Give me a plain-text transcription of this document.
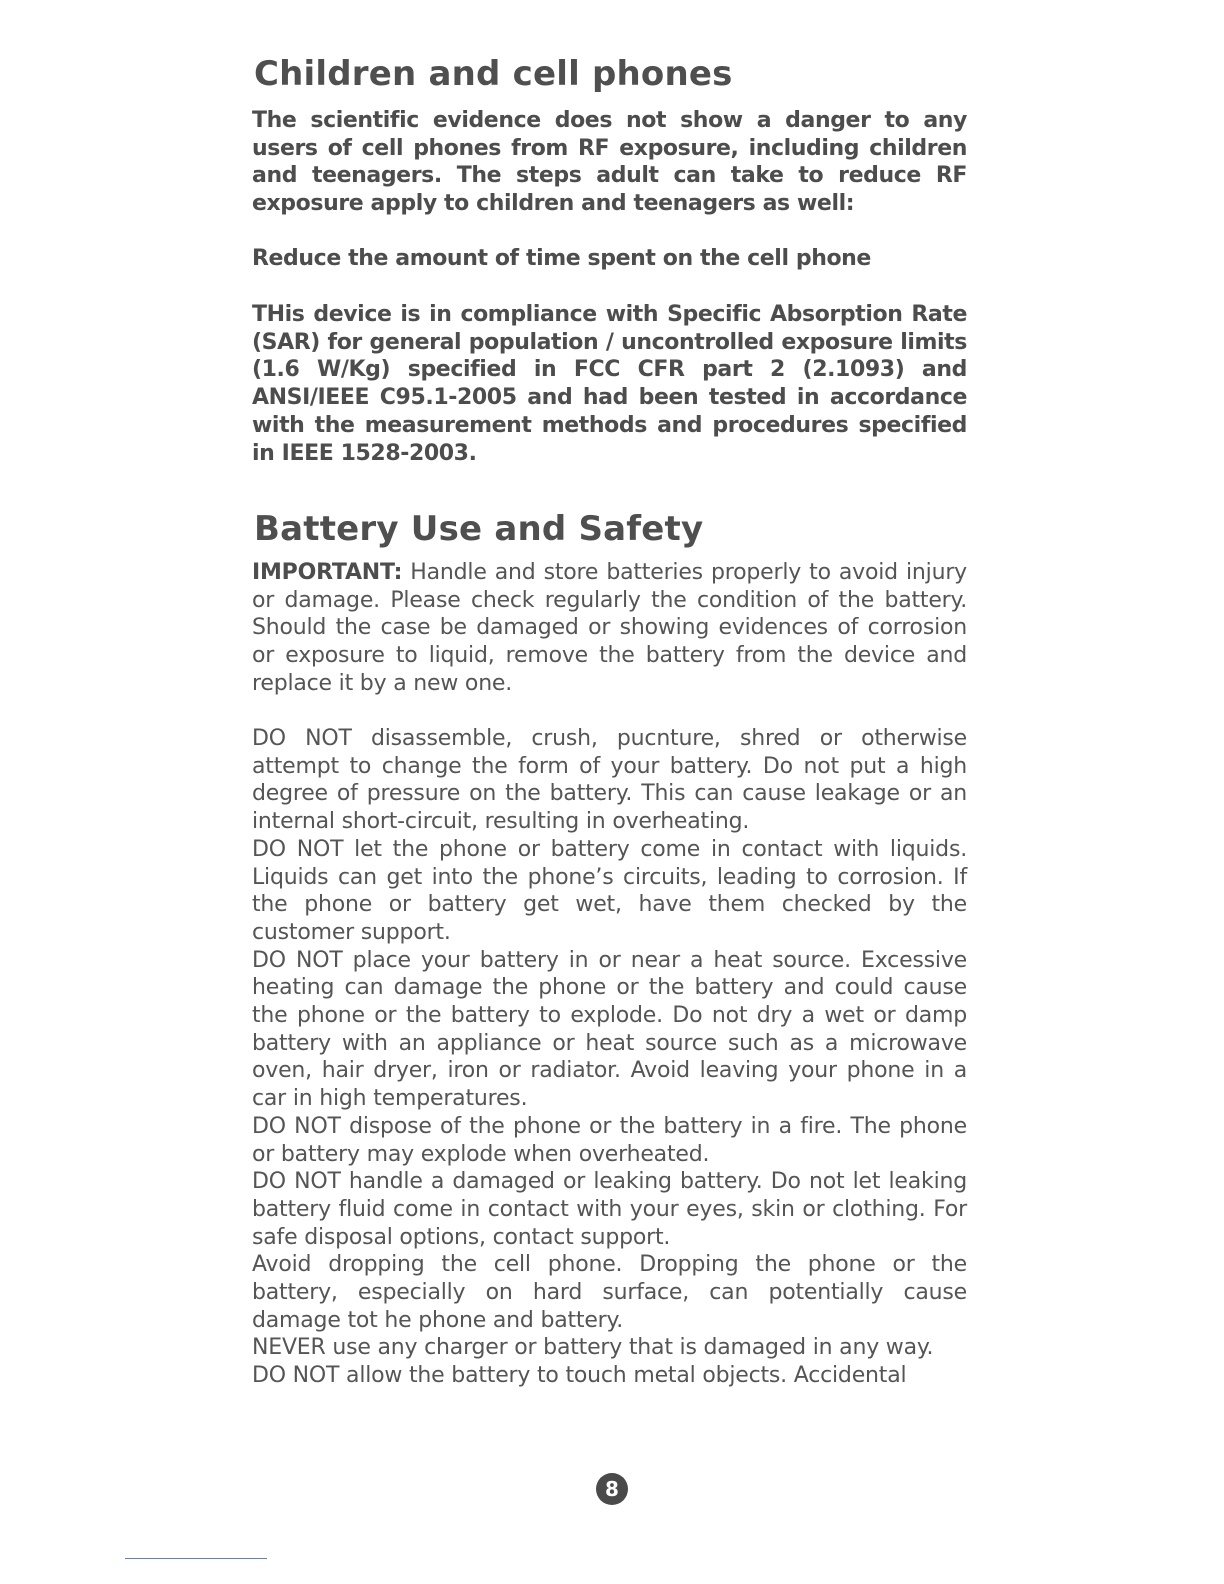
Children and cell phones

The scientific evidence does not show a danger to any users of cell phones from RF exposure, including children and teenagers. The steps adult can take to reduce RF exposure apply to children and teenagers as well:

Reduce the amount of time spent on the cell phone

THis device is in compliance with Specific Absorption Rate (SAR) for general population / uncontrolled exposure limits (1.6 W/Kg) specified in FCC CFR part 2 (2.1093) and ANSI/IEEE C95.1-2005 and had been tested in accordance with the measurement methods and procedures specified in IEEE 1528-2003.

Battery Use and Safety

IMPORTANT: Handle and store batteries properly to avoid injury or damage. Please check regularly the condition of the battery. Should the case be damaged or showing evidences of corrosion or exposure to liquid, remove the battery from the device and replace it by a new one.

DO NOT disassemble, crush, pucnture, shred or otherwise attempt to change the form of your battery. Do not put a high degree of pressure on the battery. This can cause leakage or an internal short-circuit, resulting in overheating.

DO NOT let the phone or battery come in contact with liquids. Liquids can get into the phone’s circuits, leading to corrosion. If the phone or battery get wet, have them checked by the customer support.

DO NOT place your battery in or near a heat source. Excessive heating can damage the phone or the battery and could cause the phone or the battery to explode. Do not dry a wet or damp battery with an appliance or heat source such as a microwave oven, hair dryer, iron or radiator. Avoid leaving your phone in a car in high temperatures.

DO NOT dispose of the phone or the battery in a fire. The phone or battery may explode when overheated.

DO NOT handle a damaged or leaking battery. Do not let leaking battery fluid come in contact with your eyes, skin or clothing. For safe disposal options, contact support.

Avoid dropping the cell phone. Dropping the phone or the battery, especially on hard surface, can potentially cause damage tot he phone and battery.

NEVER use any charger or battery that is damaged in any way.

DO NOT allow the battery to touch metal objects. Accidental

8
